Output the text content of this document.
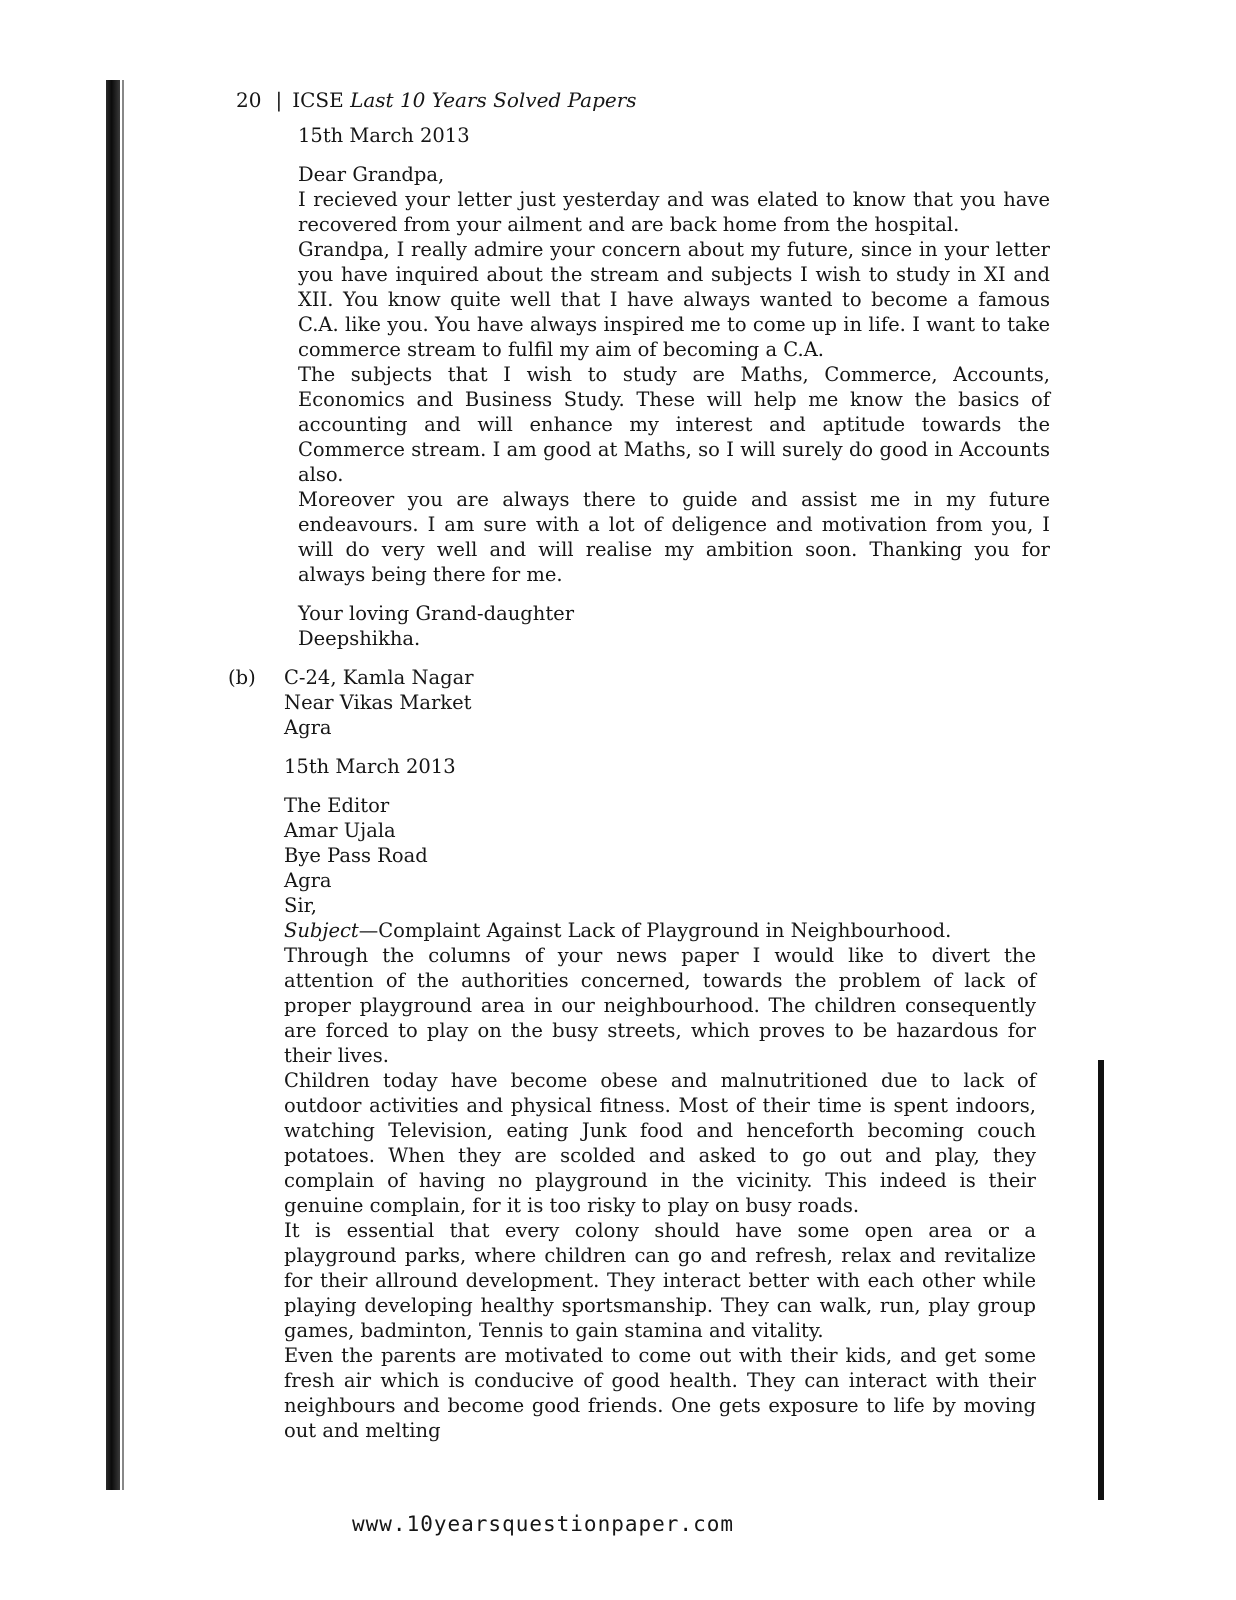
20 | ICSE
Last 10 Years Solved Papers
15th March 2013
Dear Grandpa,

I recieved your letter just yesterday and was elated to know that you have recovered from your ailment and are back home from the hospital.

Grandpa, I really admire your concern about my future, since in your letter you have inquired about the stream and subjects I wish to study in XI and XII. You know quite well that I have always wanted to become a famous C.A. like you. You have always inspired me to come up in life. I want to take commerce stream to fulfil my aim of becoming a C.A.

The subjects that I wish to study are Maths, Commerce, Accounts, Economics and Business Study. These will help me know the basics of accounting and will enhance my interest and aptitude towards the Commerce stream. I am good at Maths, so I will surely do good in Accounts also.

Moreover you are always there to guide and assist me in my future endeavours. I am sure with a lot of deligence and motivation from you, I will do very well and will realise my ambition soon. Thanking you for always being there for me.

Your loving Grand-daughter
Deepshikha.
(b) C-24, Kamla Nagar
Near Vikas Market
Agra
15th March 2013
The Editor
Amar Ujala
Bye Pass Road
Agra
Sir,
Subject—Complaint Against Lack of Playground in Neighbourhood.

Through the columns of your news paper I would like to divert the attention of the authorities concerned, towards the problem of lack of proper playground area in our neighbourhood. The children consequently are forced to play on the busy streets, which proves to be hazardous for their lives.

Children today have become obese and malnutritioned due to lack of outdoor activities and physical fitness. Most of their time is spent indoors, watching Television, eating Junk food and henceforth becoming couch potatoes. When they are scolded and asked to go out and play, they complain of having no playground in the vicinity. This indeed is their genuine complain, for it is too risky to play on busy roads.

It is essential that every colony should have some open area or a playground parks, where children can go and refresh, relax and revitalize for their allround development. They interact better with each other while playing developing healthy sportsmanship. They can walk, run, play group games, badminton, Tennis to gain stamina and vitality.

Even the parents are motivated to come out with their kids, and get some fresh air which is conducive of good health. They can interact with their neighbours and become good friends. One gets exposure to life by moving out and melting

www.10yearsquestionpaper.com
